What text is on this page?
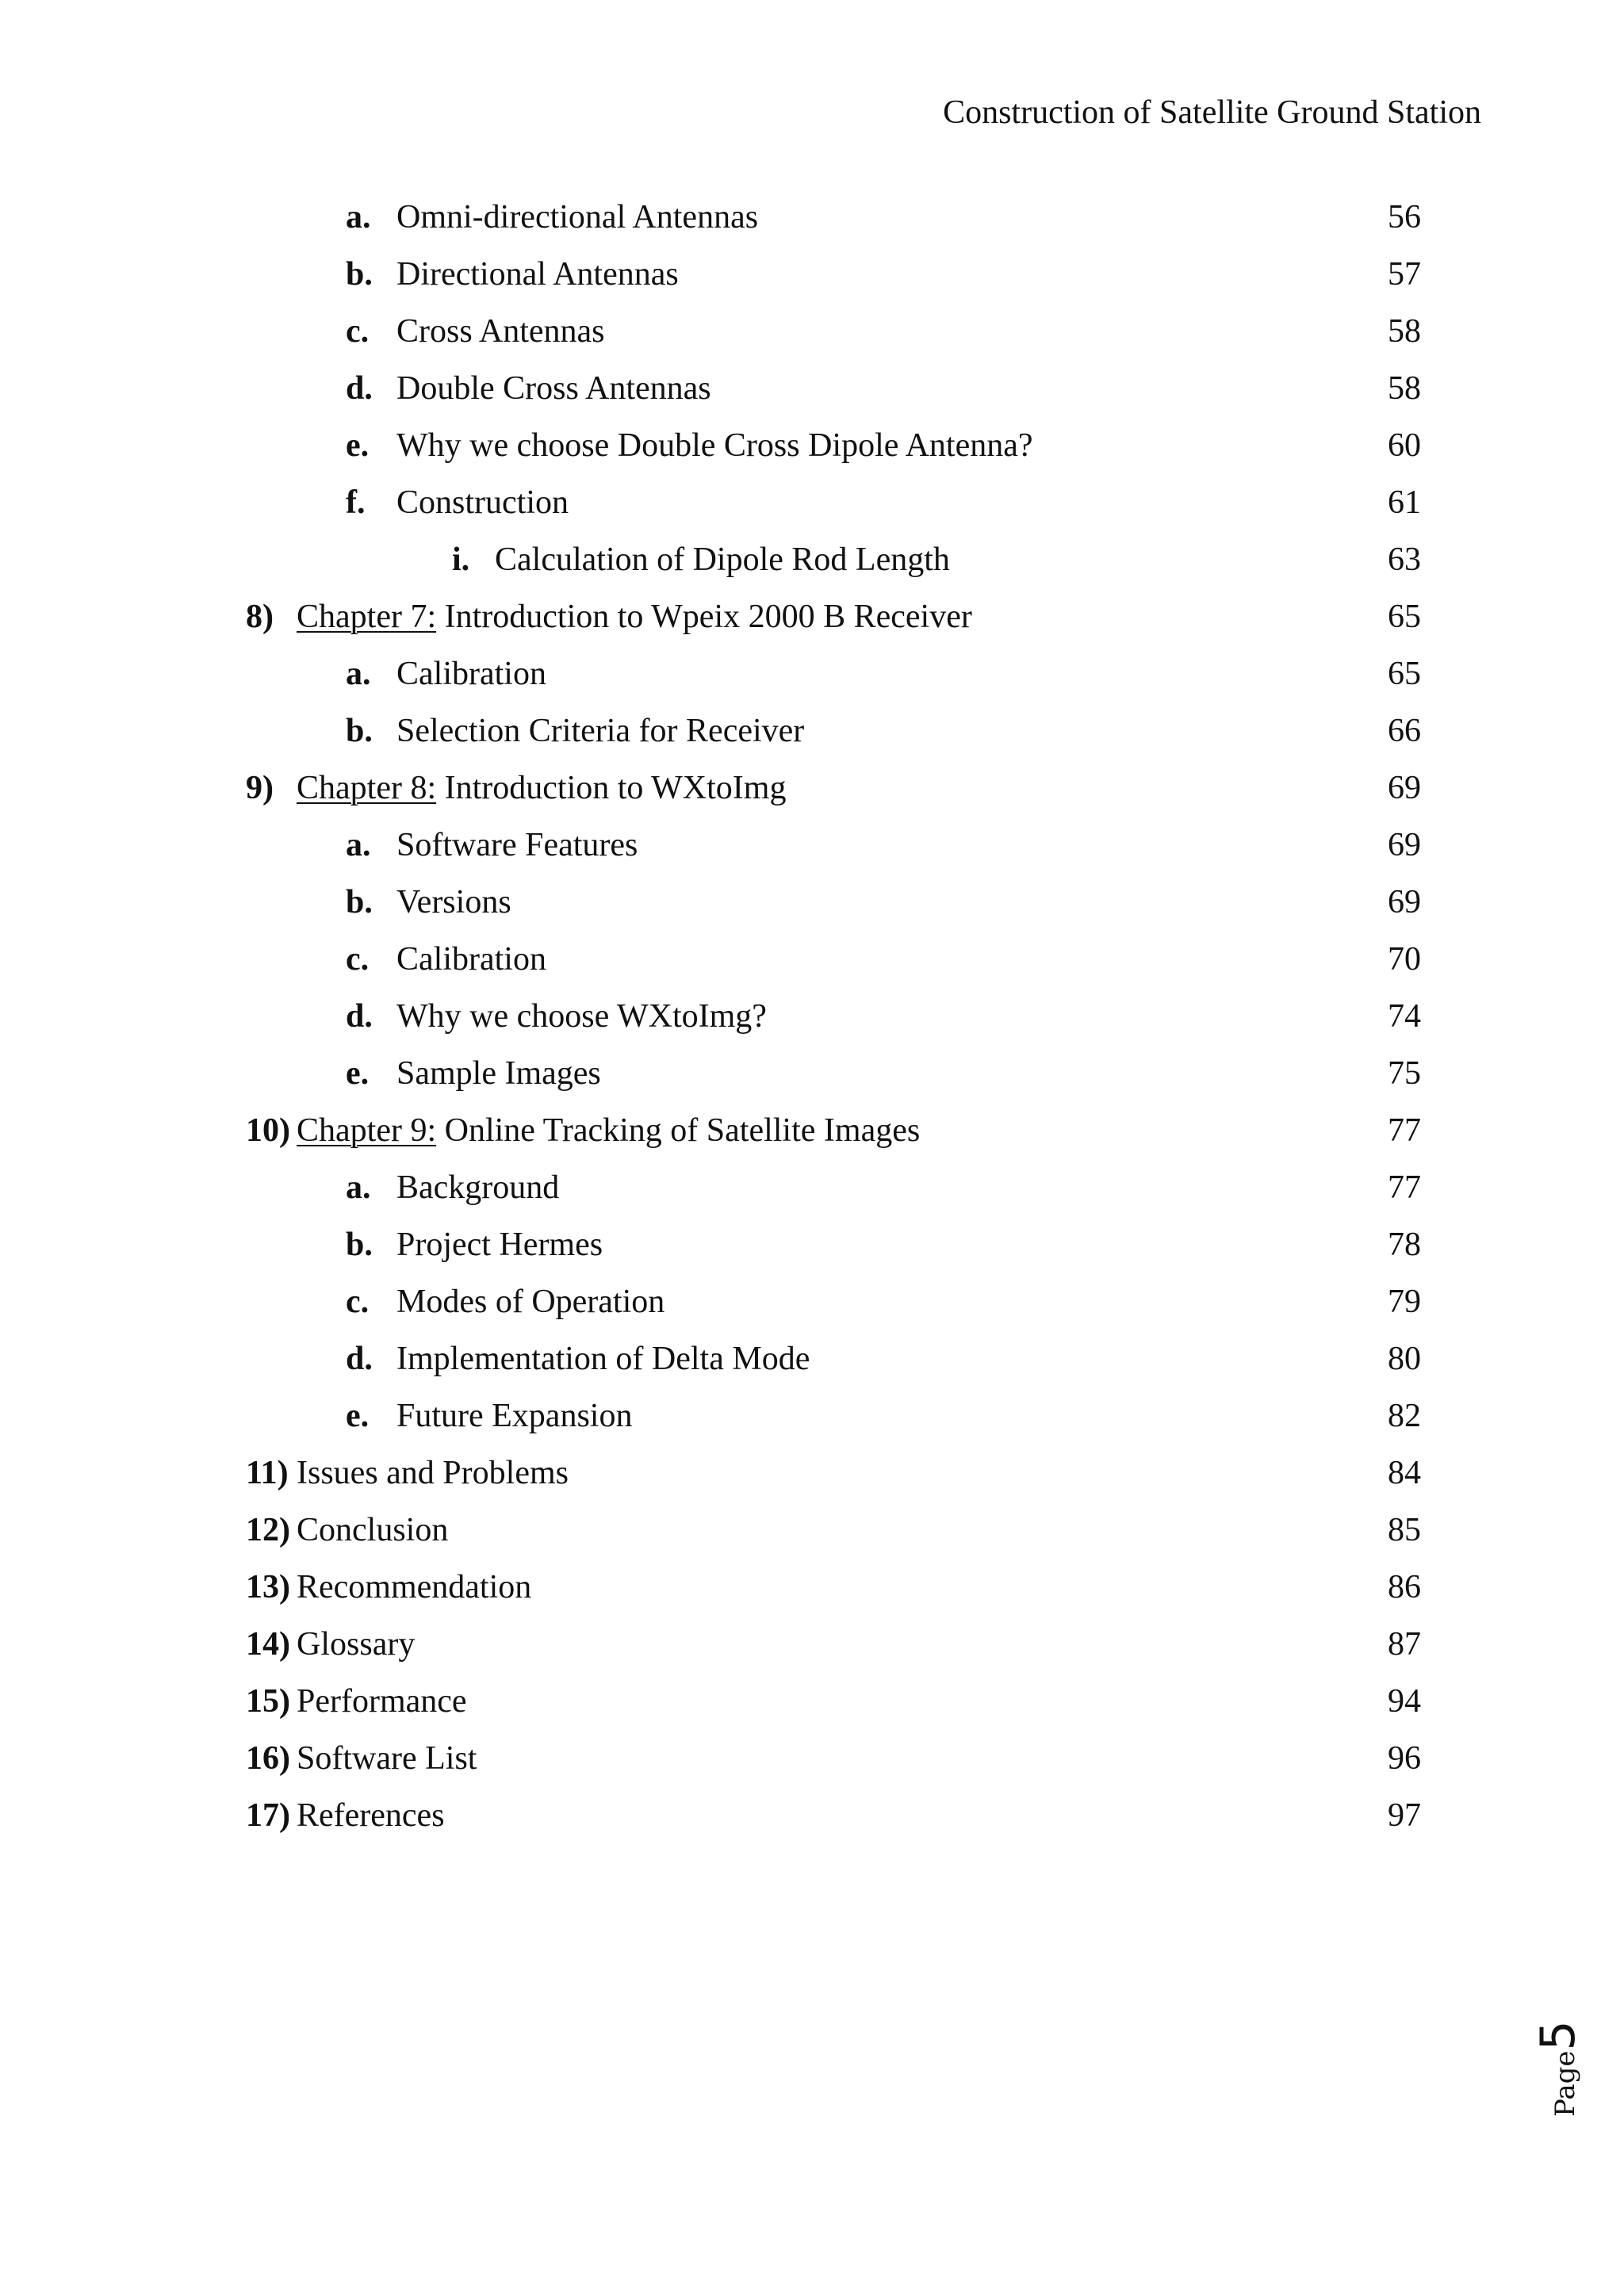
Construction of Satellite Ground Station
a. Omni-directional Antennas	56
b. Directional Antennas	57
c. Cross Antennas	58
d. Double Cross Antennas	58
e. Why we choose Double Cross Dipole Antenna?	60
f. Construction	61
i. Calculation of Dipole Rod Length	63
8) Chapter 7: Introduction to Wpeix 2000 B Receiver	65
a. Calibration	65
b. Selection Criteria for Receiver	66
9) Chapter 8: Introduction to WXtoImg	69
a. Software Features	69
b. Versions	69
c. Calibration	70
d. Why we choose WXtoImg?	74
e. Sample Images	75
10) Chapter 9: Online Tracking of Satellite Images	77
a. Background	77
b. Project Hermes	78
c. Modes of Operation	79
d. Implementation of Delta Mode	80
e. Future Expansion	82
11) Issues and Problems	84
12) Conclusion	85
13) Recommendation	86
14) Glossary	87
15) Performance	94
16) Software List	96
17) References	97
Page5
